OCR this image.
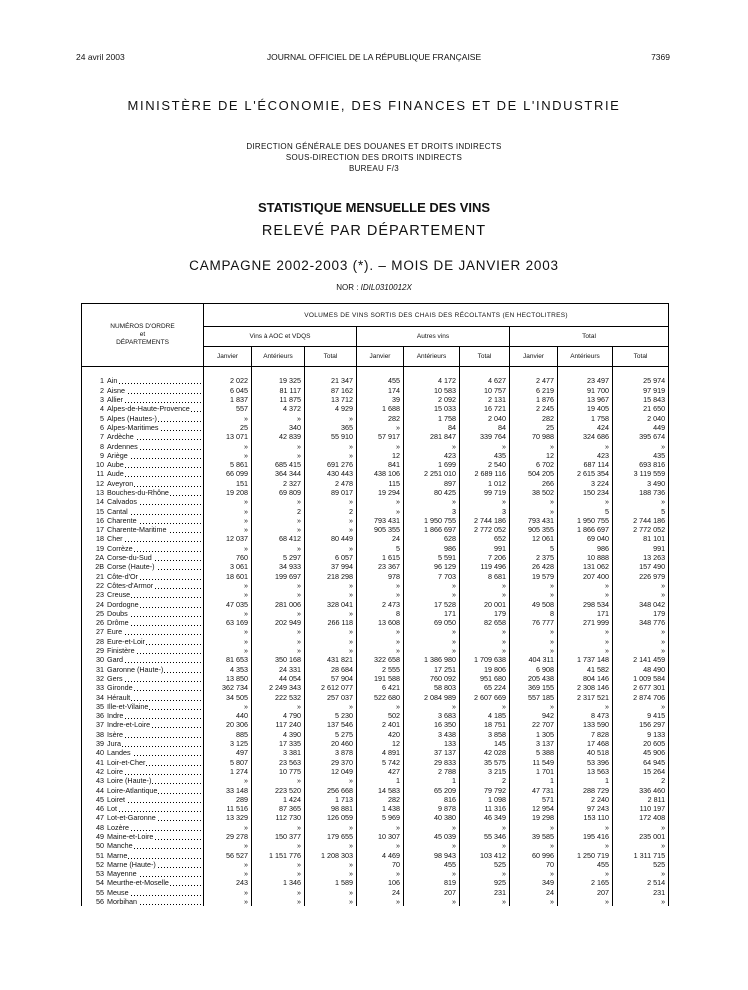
24 avril 2003	JOURNAL OFFICIEL DE LA RÉPUBLIQUE FRANÇAISE	7369
MINISTÈRE DE L'ÉCONOMIE, DES FINANCES ET DE L'INDUSTRIE
DIRECTION GÉNÉRALE DES DOUANES ET DROITS INDIRECTS
SOUS-DIRECTION DES DROITS INDIRECTS
BUREAU F/3
STATISTIQUE MENSUELLE DES VINS
RELEVÉ PAR DÉPARTEMENT
CAMPAGNE 2002-2003 (*). – MOIS DE JANVIER 2003
NOR : IDIL0310012X
NUMÉROS D'ORDRE
et
DÉPARTEMENTS	VOLUMES DE VINS SORTIS DES CHAIS DES RÉCOLTANTS (EN HECTOLITRES)								
	Vins à AOC et VDQS			Autres vins			Total		
	Janvier	Antérieurs	Total	Janvier	Antérieurs	Total	Janvier	Antérieurs	Total

1 Ain	2 022	19 325	21 347	455	4 172	4 627	2 477	23 497	25 974
2 Aisne	6 045	81 117	87 162	174	10 583	10 757	6 219	91 700	97 919
3 Allier	1 837	11 875	13 712	39	2 092	2 131	1 876	13 967	15 843
4 Alpes-de-Haute-Provence	557	4 372	4 929	1 688	15 033	16 721	2 245	19 405	21 650
5 Alpes (Hautes-)	»	»	»	282	1 758	2 040	282	1 758	2 040
6 Alpes-Maritimes	25	340	365	»	84	84	25	424	449
7 Ardèche	13 071	42 839	55 910	57 917	281 847	339 764	70 988	324 686	395 674
8 Ardennes	»	»	»	»	»	»	»	»	»
9 Ariège	»	»	»	12	423	435	12	423	435
10 Aube	5 861	685 415	691 276	841	1 699	2 540	6 702	687 114	693 816
11 Aude	66 099	364 344	430 443	438 106	2 251 010	2 689 116	504 205	2 615 354	3 119 559
12 Aveyron	151	2 327	2 478	115	897	1 012	266	3 224	3 490
13 Bouches-du-Rhône	19 208	69 809	89 017	19 294	80 425	99 719	38 502	150 234	188 736
14 Calvados	»	»	»	»	»	»	»	»	»
15 Cantal	»	2	2	»	3	3	»	5	5
16 Charente	»	»	»	793 431	1 950 755	2 744 186	793 431	1 950 755	2 744 186
17 Charente-Maritime	»	»	»	905 355	1 866 697	2 772 052	905 355	1 866 697	2 772 052
18 Cher	12 037	68 412	80 449	24	628	652	12 061	69 040	81 101
19 Corrèze	»	»	»	5	986	991	5	986	991
2A Corse-du-Sud	760	5 297	6 057	1 615	5 591	7 206	2 375	10 888	13 263
2B Corse (Haute-)	3 061	34 933	37 994	23 367	96 129	119 496	26 428	131 062	157 490
21 Côte-d'Or	18 601	199 697	218 298	978	7 703	8 681	19 579	207 400	226 979
22 Côtes-d'Armor	»	»	»	»	»	»	»	»	»
23 Creuse	»	»	»	»	»	»	»	»	»
24 Dordogne	47 035	281 006	328 041	2 473	17 528	20 001	49 508	298 534	348 042
25 Doubs	»	»	»	8	171	179	8	171	179
26 Drôme	63 169	202 949	266 118	13 608	69 050	82 658	76 777	271 999	348 776
27 Eure	»	»	»	»	»	»	»	»	»
28 Eure-et-Loir	»	»	»	»	»	»	»	»	»
29 Finistère	»	»	»	»	»	»	»	»	»
30 Gard	81 653	350 168	431 821	322 658	1 386 980	1 709 638	404 311	1 737 148	2 141 459
31 Garonne (Haute-)	4 353	24 331	28 684	2 555	17 251	19 806	6 908	41 582	48 490
32 Gers	13 850	44 054	57 904	191 588	760 092	951 680	205 438	804 146	1 009 584
33 Gironde	362 734	2 249 343	2 612 077	6 421	58 803	65 224	369 155	2 308 146	2 677 301
34 Hérault	34 505	222 532	257 037	522 680	2 084 989	2 607 669	557 185	2 317 521	2 874 706
35 Ille-et-Vilaine	»	»	»	»	»	»	»	»	»
36 Indre	440	4 790	5 230	502	3 683	4 185	942	8 473	9 415
37 Indre-et-Loire	20 306	117 240	137 546	2 401	16 350	18 751	22 707	133 590	156 297
38 Isère	885	4 390	5 275	420	3 438	3 858	1 305	7 828	9 133
39 Jura	3 125	17 335	20 460	12	133	145	3 137	17 468	20 605
40 Landes	497	3 381	3 878	4 891	37 137	42 028	5 388	40 518	45 906
41 Loir-et-Cher	5 807	23 563	29 370	5 742	29 833	35 575	11 549	53 396	64 945
42 Loire	1 274	10 775	12 049	427	2 788	3 215	1 701	13 563	15 264
43 Loire (Haute-)	»	»	»	1	1	2	1	1	2
44 Loire-Atlantique	33 148	223 520	256 668	14 583	65 209	79 792	47 731	288 729	336 460
45 Loiret	289	1 424	1 713	282	816	1 098	571	2 240	2 811
46 Lot	11 516	87 365	98 881	1 438	9 878	11 316	12 954	97 243	110 197
47 Lot-et-Garonne	13 329	112 730	126 059	5 969	40 380	46 349	19 298	153 110	172 408
48 Lozère	»	»	»	»	»	»	»	»	»
49 Maine-et-Loire	29 278	150 377	179 655	10 307	45 039	55 346	39 585	195 416	235 001
50 Manche	»	»	»	»	»	»	»	»	»
51 Marne	56 527	1 151 776	1 208 303	4 469	98 943	103 412	60 996	1 250 719	1 311 715
52 Marne (Haute-)	»	»	»	70	455	525	70	455	525
53 Mayenne	»	»	»	»	»	»	»	»	»
54 Meurthe-et-Moselle	243	1 346	1 589	106	819	925	349	2 165	2 514
55 Meuse	»	»	»	24	207	231	24	207	231
56 Morbihan	»	»	»	»	»	»	»	»	»
